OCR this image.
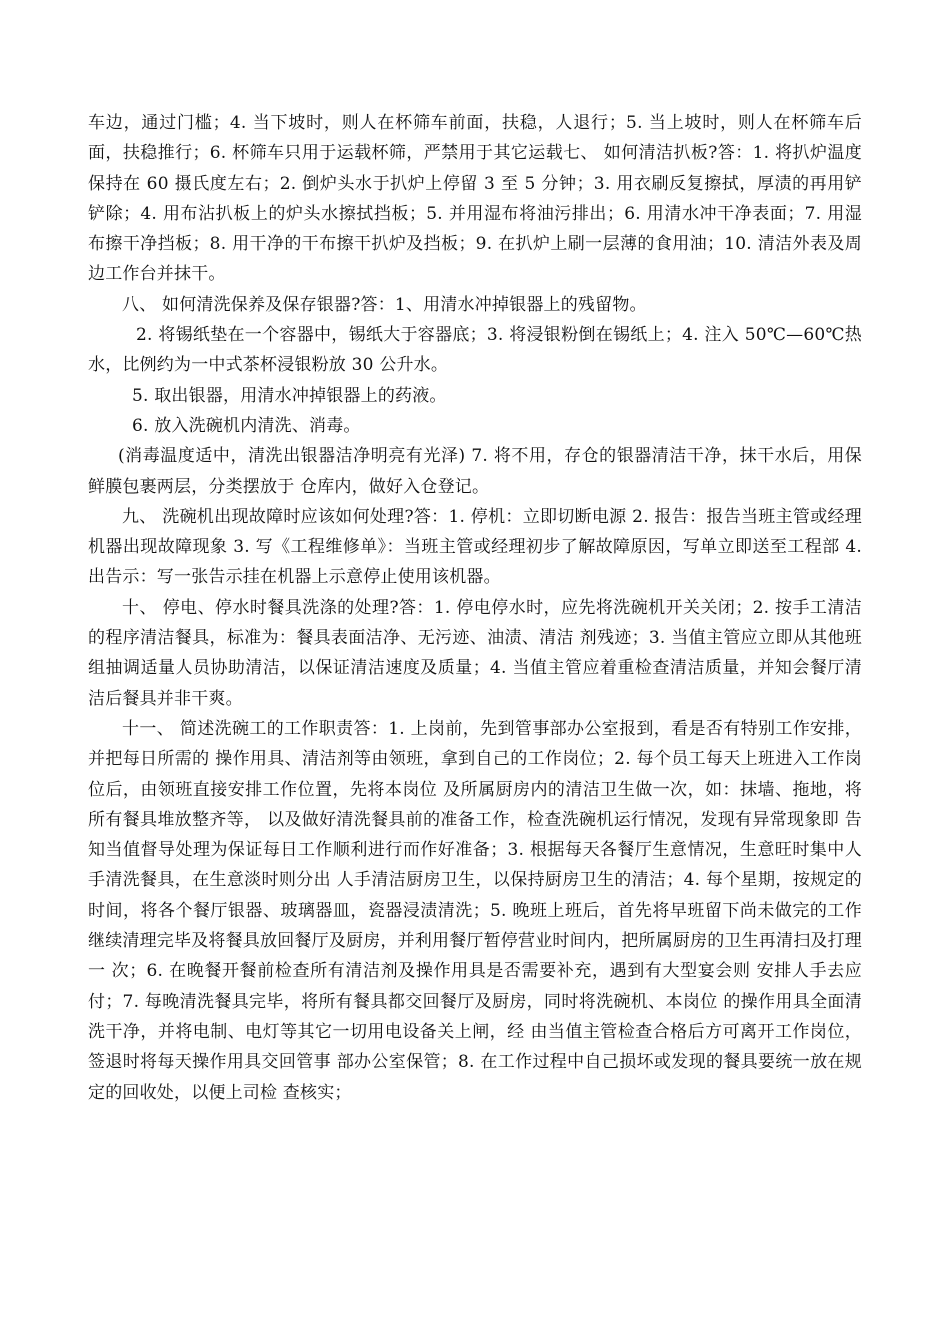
车边，通过门槛；4. 当下坡时，则人在杯筛车前面，扶稳，人退行；5. 当上坡时，则人在杯筛车后面，扶稳推行；6. 杯筛车只用于运载杯筛，严禁用于其它运载七、 如何清洁扒板?答：1. 将扒炉温度保持在 60 摄氏度左右；2. 倒炉头水于扒炉上停留 3 至 5 分钟；3. 用衣刷反复擦拭，厚渍的再用铲铲除；4. 用布沾扒板上的炉头水擦拭挡板；5. 并用湿布将油污排出；6. 用清水冲干净表面；7. 用湿布擦干净挡板；8. 用干净的干布擦干扒炉及挡板；9. 在扒炉上刷一层薄的食用油；10. 清洁外表及周边工作台并抹干。

八、 如何清洗保养及保存银器?答：1、用清水冲掉银器上的残留物。

2. 将锡纸垫在一个容器中，锡纸大于容器底；3. 将浸银粉倒在锡纸上；4. 注入 50℃—60℃热水，比例约为一中式茶杯浸银粉放 30 公升水。

5. 取出银器，用清水冲掉银器上的药液。

6. 放入洗碗机内清洗、消毒。

(消毒温度适中，清洗出银器洁净明亮有光泽) 7. 将不用，存仓的银器清洁干净，抹干水后，用保鲜膜包裹两层，分类摆放于 仓库内，做好入仓登记。

九、 洗碗机出现故障时应该如何处理?答：1. 停机：立即切断电源 2. 报告：报告当班主管或经理机器出现故障现象 3. 写《工程维修单》：当班主管或经理初步了解故障原因，写单立即送至工程部 4. 出告示：写一张告示挂在机器上示意停止使用该机器。

十、 停电、停水时餐具洗涤的处理?答：1. 停电停水时，应先将洗碗机开关关闭；2. 按手工清洁的程序清洁餐具，标准为：餐具表面洁净、无污迹、油渍、清洁 剂残迹；3. 当值主管应立即从其他班组抽调适量人员协助清洁，以保证清洁速度及质量；4. 当值主管应着重检查清洁质量，并知会餐厅清洁后餐具并非干爽。

十一、 简述洗碗工的工作职责答：1. 上岗前，先到管事部办公室报到，看是否有特别工作安排，并把每日所需的 操作用具、清洁剂等由领班，拿到自己的工作岗位；2. 每个员工每天上班进入工作岗位后，由领班直接安排工作位置，先将本岗位 及所属厨房内的清洁卫生做一次，如：抹墙、拖地，将所有餐具堆放整齐等， 以及做好清洗餐具前的准备工作，检查洗碗机运行情况，发现有异常现象即 告知当值督导处理为保证每日工作顺利进行而作好准备；3. 根据每天各餐厅生意情况，生意旺时集中人手清洗餐具，在生意淡时则分出 人手清洁厨房卫生，以保持厨房卫生的清洁；4. 每个星期，按规定的时间，将各个餐厅银器、玻璃器皿，瓷器浸渍清洗；5. 晚班上班后，首先将早班留下尚未做完的工作继续清理完毕及将餐具放回餐厅及厨房，并利用餐厅暂停营业时间内，把所属厨房的卫生再清扫及打理一 次；6. 在晚餐开餐前检查所有清洁剂及操作用具是否需要补充，遇到有大型宴会则 安排人手去应付；7. 每晚清洗餐具完毕，将所有餐具都交回餐厅及厨房，同时将洗碗机、本岗位 的操作用具全面清洗干净，并将电制、电灯等其它一切用电设备关上闸，经 由当值主管检查合格后方可离开工作岗位，签退时将每天操作用具交回管事 部办公室保管；8. 在工作过程中自己损坏或发现的餐具要统一放在规定的回收处，以便上司检 查核实；
